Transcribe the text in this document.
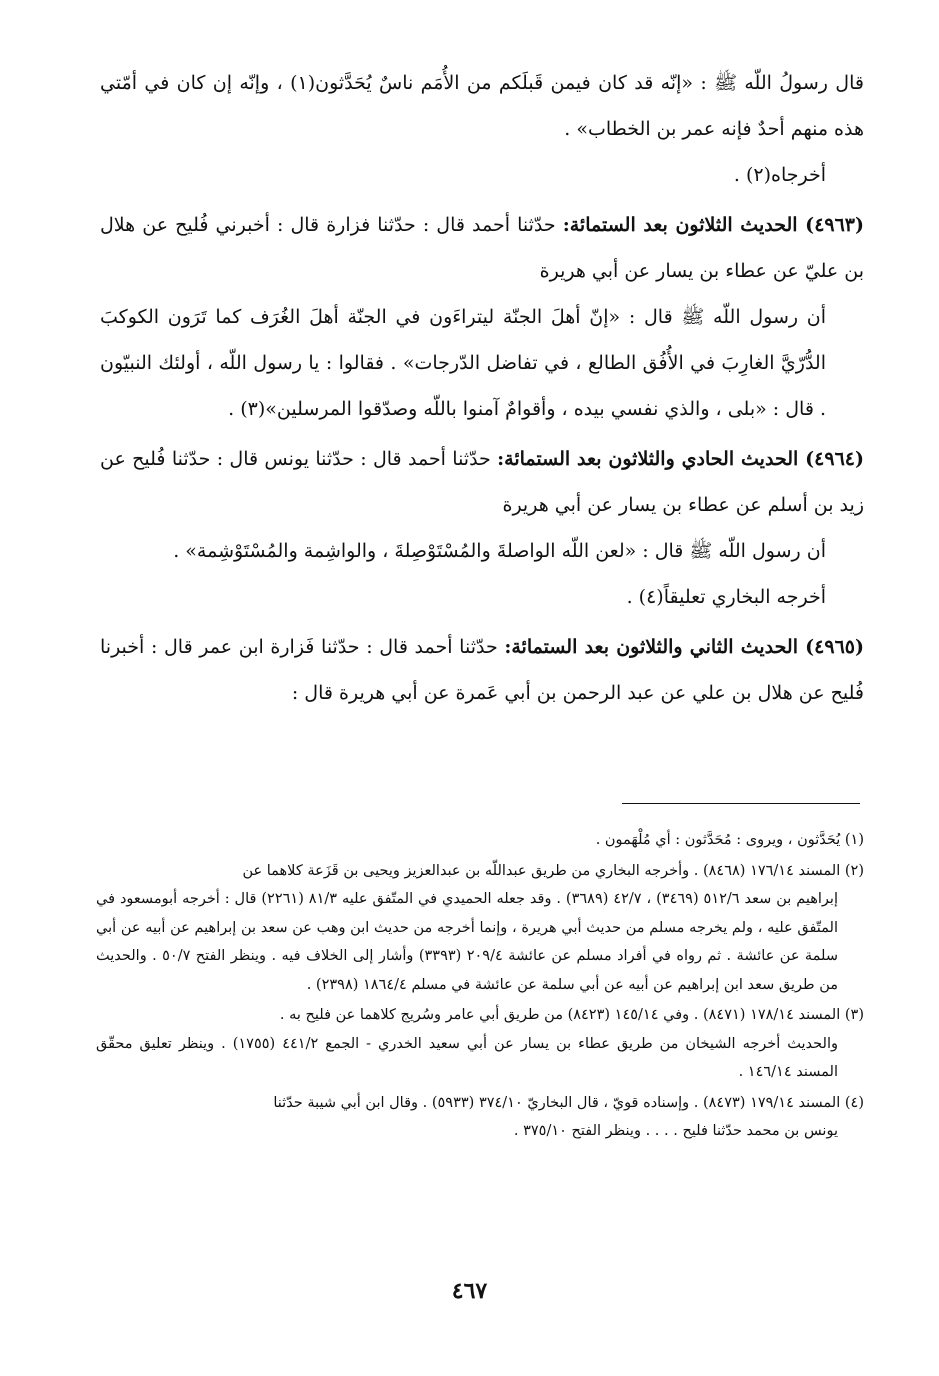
قال رسولُ اللّه ﷺ : «إنّه قد كان فيمن قَبلَكم من الأُمَم ناسٌ يُحَدَّثون(١) ، وإنّه إن كان في أمّتي هذه منهم أحدٌ فإنه عمر بن الخطاب» .

أخرجاه(٢) .

(٤٩٦٣) الحديث الثلاثون بعد الستمائة: حدّثنا أحمد قال : حدّثنا فزارة قال : أخبرني فُليح عن هلال بن عليّ عن عطاء بن يسار عن أبي هريرة

أن رسول اللّه ﷺ قال : «إنّ أهلَ الجنّة ليتراءَون في الجنّة أهلَ الغُرَف كما تَرَون الكوكبَ الدُّرّيَّ الغارِبَ في الأُفُق الطالع ، في تفاضل الدّرجات» . فقالوا : يا رسول اللّه ، أولئك النبيّون . قال : «بلى ، والذي نفسي بيده ، وأقوامٌ آمنوا باللّه وصدّقوا المرسلين»(٣) .

(٤٩٦٤) الحديث الحادي والثلاثون بعد الستمائة: حدّثنا أحمد قال : حدّثنا يونس قال : حدّثنا فُليح عن زيد بن أسلم عن عطاء بن يسار عن أبي هريرة

أن رسول اللّه ﷺ قال : «لعن اللّه الواصلةَ والمُسْتَوْصِلةَ ، والواشِمة والمُسْتَوْشِمة» .

أخرجه البخاري تعليقاً(٤) .

(٤٩٦٥) الحديث الثاني والثلاثون بعد الستمائة: حدّثنا أحمد قال : حدّثنا فَزارة ابن عمر قال : أخبرنا فُليح عن هلال بن علي عن عبد الرحمن بن أبي عَمرة عن أبي هريرة قال :

(١) يُحَدَّثون ، ويروى : مُحَدَّثون : أي مُلْهَمون .

(٢) المسند ١٧٦/١٤ (٨٤٦٨) . وأخرجه البخاري من طريق عبداللّه بن عبدالعزيز ويحيى بن قَزَعة كلاهما عن
إبراهيم بن سعد ٥١٢/٦ (٣٤٦٩) ، ٤٢/٧ (٣٦٨٩) . وقد جعله الحميدي في المتّفق عليه ٨١/٣ (٢٢٦١) قال : أخرجه أبومسعود في المتّفق عليه ، ولم يخرجه مسلم من حديث أبي هريرة ، وإنما أخرجه من حديث ابن وهب عن سعد بن إبراهيم عن أبيه عن أبي سلمة عن عائشة . ثم رواه في أفراد مسلم عن عائشة ٢٠٩/٤ (٣٣٩٣) وأشار إلى الخلاف فيه . وينظر الفتح ٥٠/٧ . والحديث من طريق سعد ابن إبراهيم عن أبيه عن أبي سلمة عن عائشة في مسلم ١٨٦٤/٤ (٢٣٩٨) .

(٣) المسند ١٧٨/١٤ (٨٤٧١) . وفي ١٤٥/١٤ (٨٤٢٣) من طريق أبي عامر وسُريج كلاهما عن فليح به .
والحديث أخرجه الشيخان من طريق عطاء بن يسار عن أبي سعيد الخدري - الجمع ٤٤١/٢ (١٧٥٥) . وينظر تعليق محقّق المسند ١٤٦/١٤ .

(٤) المسند ١٧٩/١٤ (٨٤٧٣) . وإسناده قويّ ، قال البخاريّ ٣٧٤/١٠ (٥٩٣٣) . وقال ابن أبي شيبة حدّثنا
يونس بن محمد حدّثنا فليح . . . . وينظر الفتح ٣٧٥/١٠ .

٤٦٧
